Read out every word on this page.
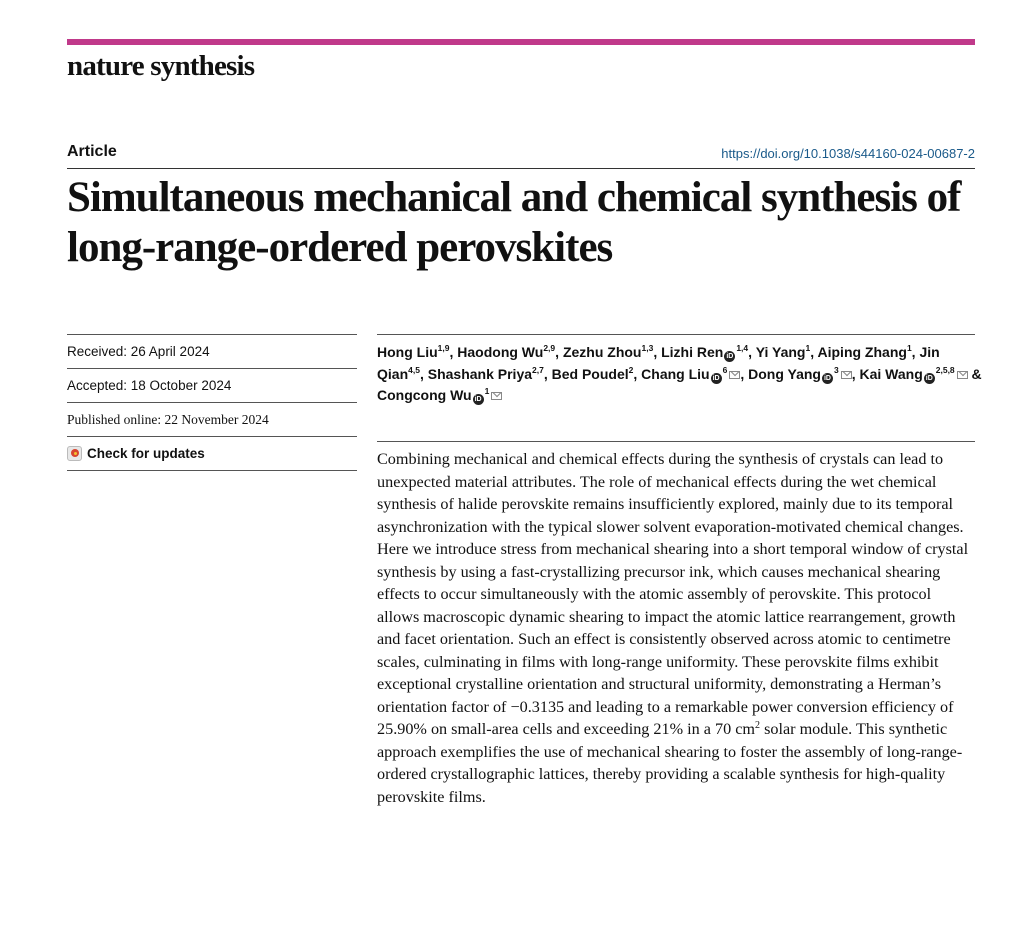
nature synthesis
Article	https://doi.org/10.1038/s44160-024-00687-2
Simultaneous mechanical and chemical synthesis of long-range-ordered perovskites
Received: 26 April 2024
Accepted: 18 October 2024
Published online: 22 November 2024
Check for updates
Hong Liu$^{1,9}$, Haodong Wu$^{2,9}$, Zezhu Zhou$^{1,3}$, Lizhi Ren iD$^{1,4}$, Yi Yang$^1$, Aiping Zhang$^1$, Jin Qian$^{4,5}$, Shashank Priya$^{2,7}$, Bed Poudel$^2$, Chang Liu $iD^6$ , Dong Yang $iD^3$ , Kai Wang iD$^{2,5,8}$ & Congcong Wu $iD^1$

Combining mechanical and chemical effects during the synthesis of crystals can lead to unexpected material attributes. The role of mechanical effects during the wet chemical synthesis of halide perovskite remains insufficiently explored, mainly due to its temporal asynchronization with the typical slower solvent evaporation-motivated chemical changes. Here we introduce stress from mechanical shearing into a short temporal window of crystal synthesis by using a fast-crystallizing precursor ink, which causes mechanical shearing effects to occur simultaneously with the atomic assembly of perovskite. This protocol allows macroscopic dynamic shearing to impact the atomic lattice rearrangement, growth and facet orientation. Such an effect is consistently observed across atomic to centimetre scales, culminating in films with long-range uniformity. These perovskite films exhibit exceptional crystalline orientation and structural uniformity, demonstrating a Herman’s orientation factor of −0.3135 and leading to a remarkable power conversion efficiency of 25.90% on small-area cells and exceeding 21% in a 70 $cm^2$ solar module. This synthetic approach exemplifies the use of mechanical shearing to foster the assembly of long-range-ordered crystallographic lattices, thereby providing a scalable synthesis for high-quality perovskite films.
